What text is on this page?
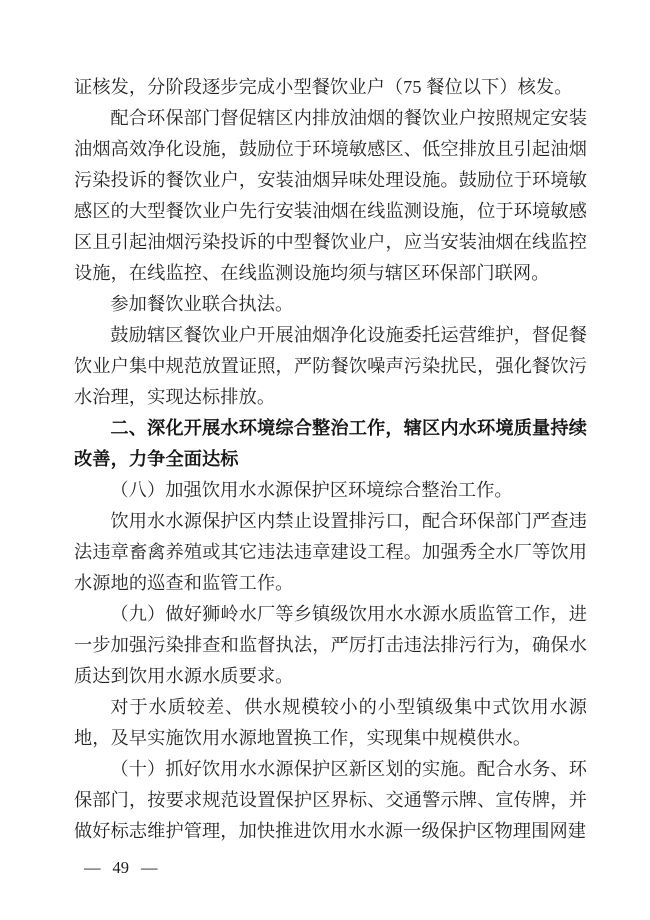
证核发，分阶段逐步完成小型餐饮业户（75 餐位以下）核发。

配合环保部门督促辖区内排放油烟的餐饮业户按照规定安装油烟高效净化设施，鼓励位于环境敏感区、低空排放且引起油烟污染投诉的餐饮业户，安装油烟异味处理设施。鼓励位于环境敏感区的大型餐饮业户先行安装油烟在线监测设施，位于环境敏感区且引起油烟污染投诉的中型餐饮业户，应当安装油烟在线监控设施，在线监控、在线监测设施均须与辖区环保部门联网。

参加餐饮业联合执法。

鼓励辖区餐饮业户开展油烟净化设施委托运营维护，督促餐饮业户集中规范放置证照，严防餐饮噪声污染扰民，强化餐饮污水治理，实现达标排放。

二、深化开展水环境综合整治工作，辖区内水环境质量持续改善，力争全面达标

（八）加强饮用水水源保护区环境综合整治工作。

饮用水水源保护区内禁止设置排污口，配合环保部门严查违法违章畜禽养殖或其它违法违章建设工程。加强秀全水厂等饮用水源地的巡查和监管工作。

（九）做好狮岭水厂等乡镇级饮用水水源水质监管工作，进一步加强污染排查和监督执法，严厉打击违法排污行为，确保水质达到饮用水源水质要求。

对于水质较差、供水规模较小的小型镇级集中式饮用水源地，及早实施饮用水源地置换工作，实现集中规模供水。

（十）抓好饮用水水源保护区新区划的实施。配合水务、环保部门，按要求规范设置保护区界标、交通警示牌、宣传牌，并做好标志维护管理，加快推进饮用水水源一级保护区物理围网建

— 49 —
